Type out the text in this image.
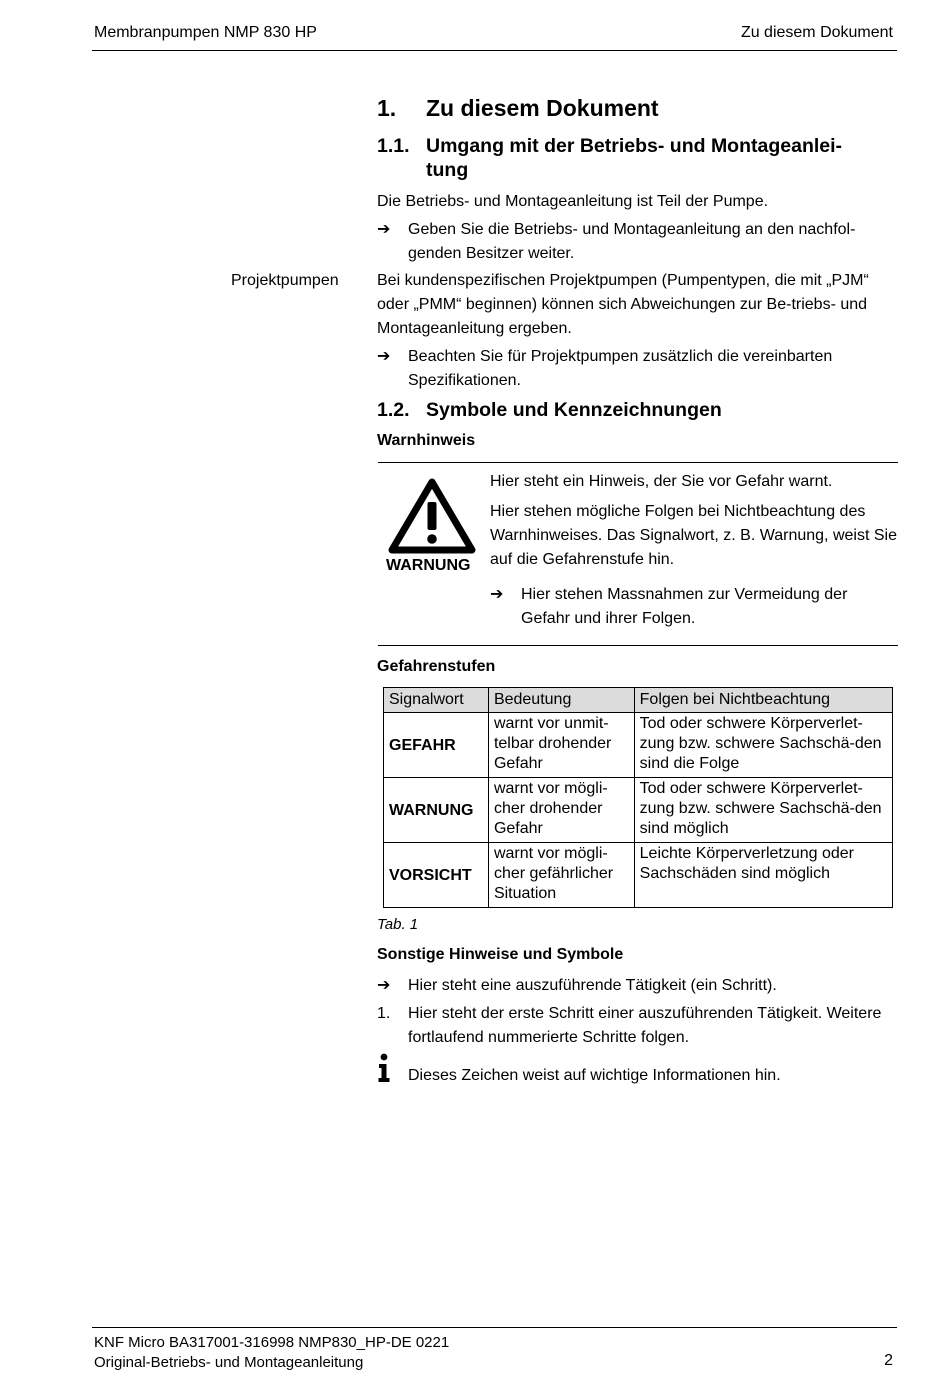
Membranpumpen NMP 830 HP	Zu diesem Dokument
1.	Zu diesem Dokument
1.1. Umgang mit der Betriebs- und Montageanlei-
tung
Die Betriebs- und Montageanleitung ist Teil der Pumpe.
➔	Geben Sie die Betriebs- und Montageanleitung an den nachfol-genden Besitzer weiter.
Projektpumpen Bei kundenspezifischen Projektpumpen (Pumpentypen, die mit „PJM“ oder „PMM“ beginnen) können sich Abweichungen zur Be-triebs- und Montageanleitung ergeben.
➔	Beachten Sie für Projektpumpen zusätzlich die vereinbarten Spezifikationen.
1.2. Symbole und Kennzeichnungen
Warnhinweis
WARNUNG
Hier steht ein Hinweis, der Sie vor Gefahr warnt.
Hier stehen mögliche Folgen bei Nichtbeachtung des Warnhinweises. Das Signalwort, z. B. Warnung, weist Sie auf die Gefahrenstufe hin.
➔	Hier stehen Massnahmen zur Vermeidung der Gefahr und ihrer Folgen.
Gefahrenstufen
Signalwort	Bedeutung	Folgen bei Nichtbeachtung
GEFAHR	warnt vor unmit-telbar drohender Gefahr	Tod oder schwere Körperverlet-zung bzw. schwere Sachschä-den sind die Folge
WARNUNG	warnt vor mögli-cher drohender Gefahr	Tod oder schwere Körperverlet-zung bzw. schwere Sachschä-den sind möglich
VORSICHT	warnt vor mögli-cher gefährlicher Situation	Leichte Körperverletzung oder Sachschäden sind möglich
Tab. 1
Sonstige Hinweise und Symbole
➔	Hier steht eine auszuführende Tätigkeit (ein Schritt).
1.	Hier steht der erste Schritt einer auszuführenden Tätigkeit. Weitere fortlaufend nummerierte Schritte folgen.
Dieses Zeichen weist auf wichtige Informationen hin.
KNF Micro BA317001-316998 NMP830_HP-DE 0221
Original-Betriebs- und Montageanleitung	2
